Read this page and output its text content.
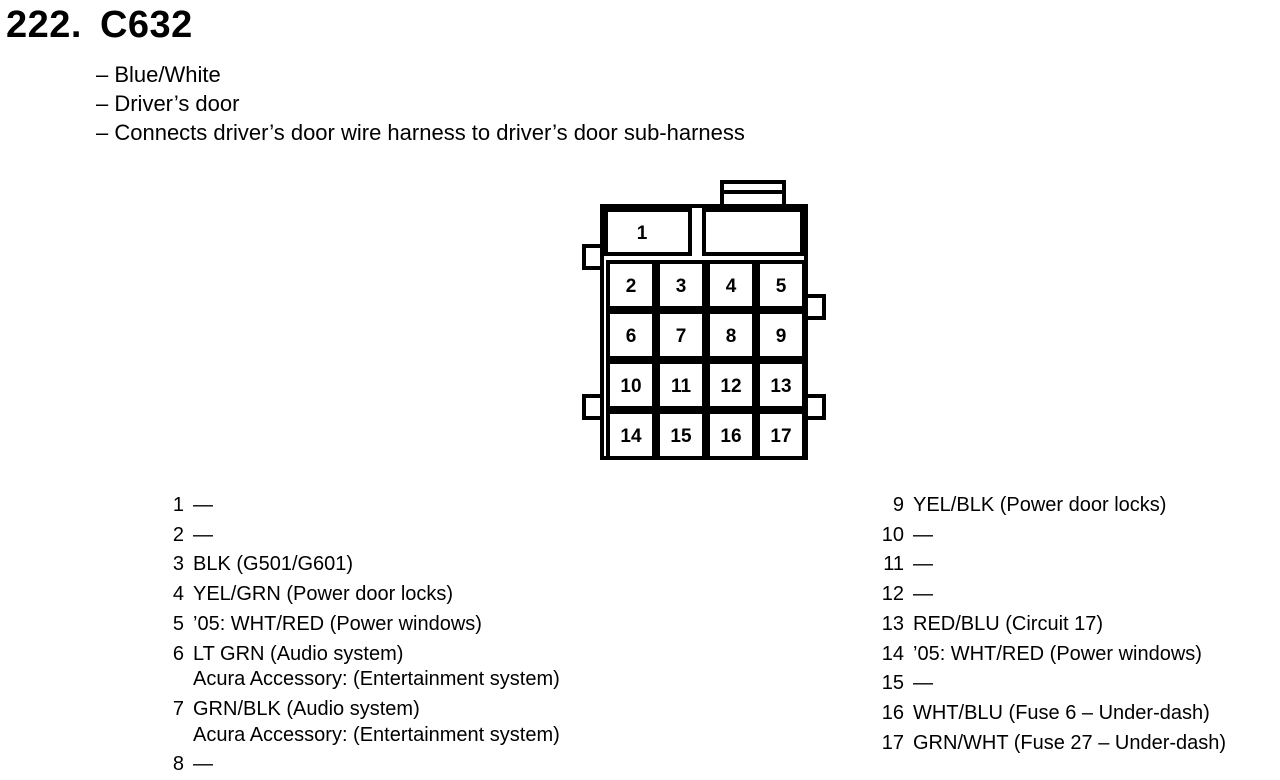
222. C632
– Blue/White
– Driver’s door
– Connects driver’s door wire harness to driver’s door sub-harness
1
2 3 4 5
6 7 8 9
10 11 12 13
14 15 16 17
1 —
2 —
3 BLK (G501/G601)
4 YEL/GRN (Power door locks)
5 ’05: WHT/RED (Power windows)
6 LT GRN (Audio system)
Acura Accessory: (Entertainment system)
7 GRN/BLK (Audio system)
Acura Accessory: (Entertainment system)
8 —
9 YEL/BLK (Power door locks)
10 —
11 —
12 —
13 RED/BLU (Circuit 17)
14 ’05: WHT/RED (Power windows)
15 —
16 WHT/BLU (Fuse 6 – Under-dash)
17 GRN/WHT (Fuse 27 – Under-dash)
